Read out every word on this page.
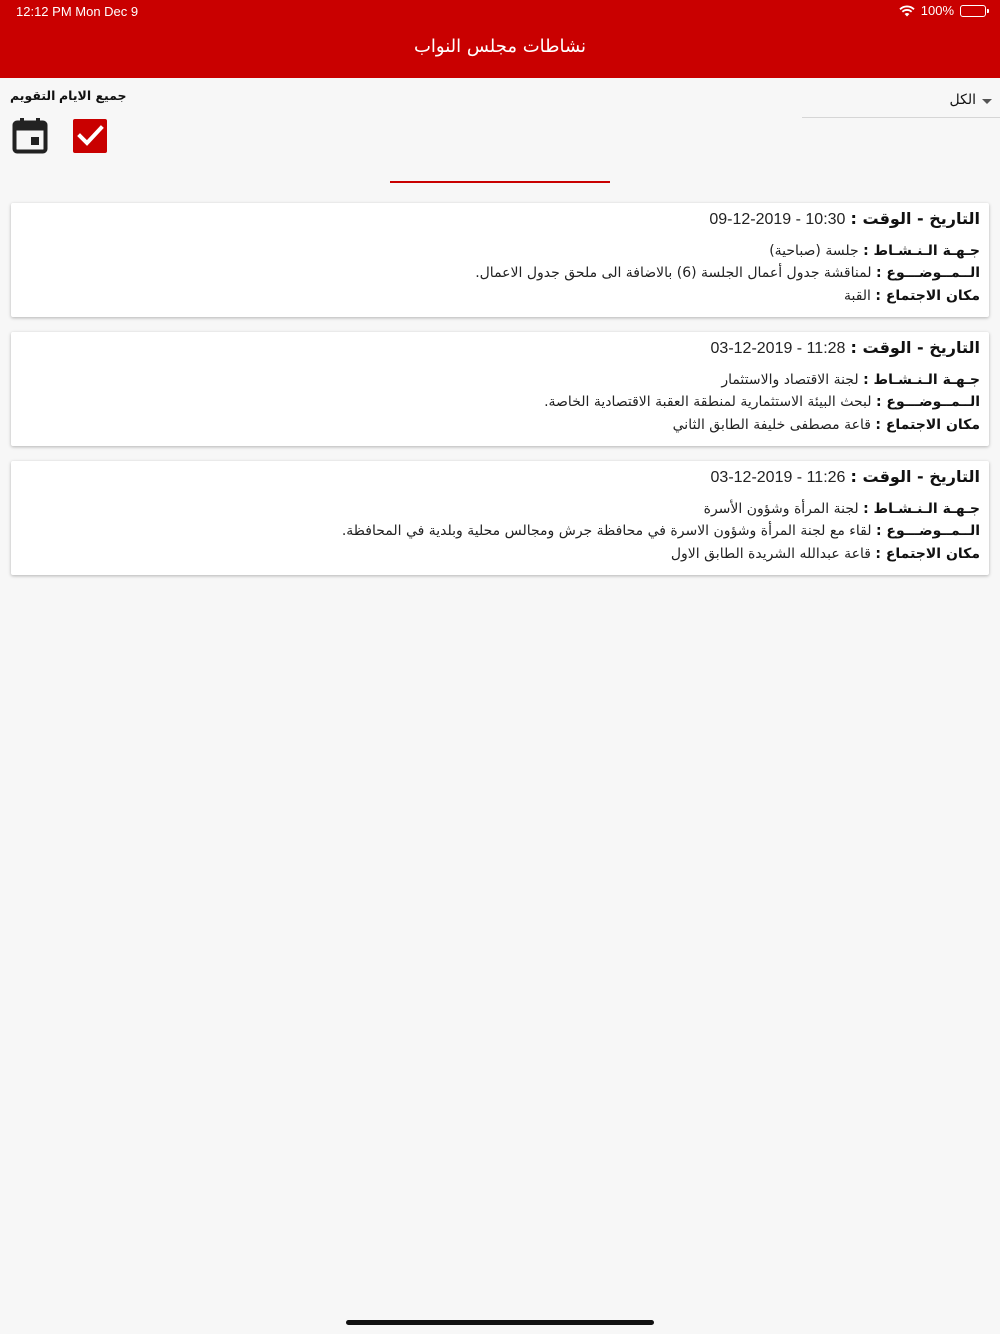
12:12 PM Mon Dec 9	100%
نشاطات مجلس النواب
التقويم جميع الايام	الكل
التاريخ - الوقت : 10:30 - 2019-12-09
جـهـة الـنـشـاط : جلسة (صباحية)
الــمــوضـــوع : لمناقشة جدول أعمال الجلسة (6) بالاضافة الى ملحق جدول الاعمال.
مكان الاجتماع : القبة
التاريخ - الوقت : 11:28 - 2019-12-03
جـهـة الـنـشـاط : لجنة الاقتصاد والاستثمار
الــمــوضـــوع : لبحث البيئة الاستثمارية لمنطقة العقبة الاقتصادية الخاصة.
مكان الاجتماع : قاعة مصطفى خليفة الطابق الثاني
التاريخ - الوقت : 11:26 - 2019-12-03
جـهـة الـنـشـاط : لجنة المرأة وشؤون الأسرة
الــمــوضـــوع : لقاء مع لجنة المرأة وشؤون الاسرة في محافظة جرش ومجالس محلية وبلدية في المحافظة.
مكان الاجتماع : قاعة عبدالله الشريدة الطابق الاول
